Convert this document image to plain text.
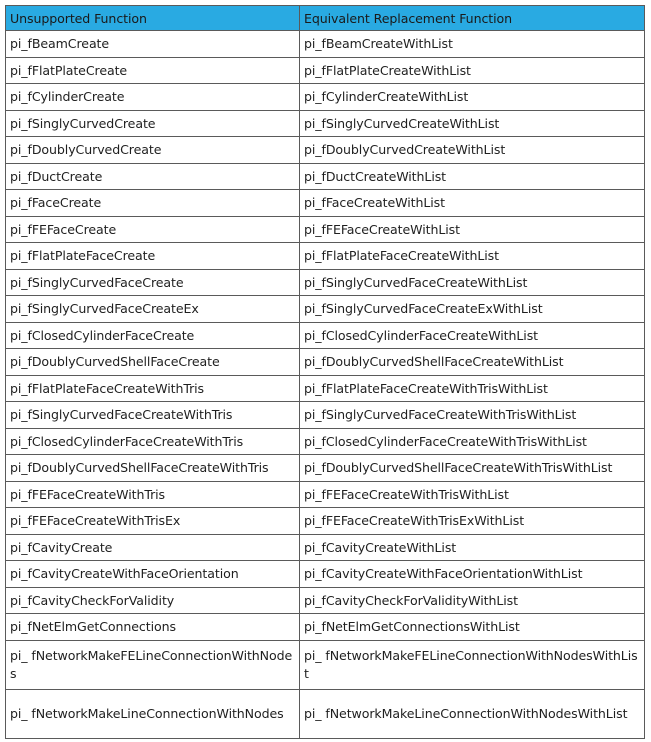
Unsupported Function	Equivalent Replacement Function
pi_fBeamCreate	pi_fBeamCreateWithList
pi_fFlatPlateCreate	pi_fFlatPlateCreateWithList
pi_fCylinderCreate	pi_fCylinderCreateWithList
pi_fSinglyCurvedCreate	pi_fSinglyCurvedCreateWithList
pi_fDoublyCurvedCreate	pi_fDoublyCurvedCreateWithList
pi_fDuctCreate	pi_fDuctCreateWithList
pi_fFaceCreate	pi_fFaceCreateWithList
pi_fFEFaceCreate	pi_fFEFaceCreateWithList
pi_fFlatPlateFaceCreate	pi_fFlatPlateFaceCreateWithList
pi_fSinglyCurvedFaceCreate	pi_fSinglyCurvedFaceCreateWithList
pi_fSinglyCurvedFaceCreateEx	pi_fSinglyCurvedFaceCreateExWithList
pi_fClosedCylinderFaceCreate	pi_fClosedCylinderFaceCreateWithList
pi_fDoublyCurvedShellFaceCreate	pi_fDoublyCurvedShellFaceCreateWithList
pi_fFlatPlateFaceCreateWithTris	pi_fFlatPlateFaceCreateWithTrisWithList
pi_fSinglyCurvedFaceCreateWithTris	pi_fSinglyCurvedFaceCreateWithTrisWithList
pi_fClosedCylinderFaceCreateWithTris	pi_fClosedCylinderFaceCreateWithTrisWithList
pi_fDoublyCurvedShellFaceCreateWithTris	pi_fDoublyCurvedShellFaceCreateWithTrisWithList
pi_fFEFaceCreateWithTris	pi_fFEFaceCreateWithTrisWithList
pi_fFEFaceCreateWithTrisEx	pi_fFEFaceCreateWithTrisExWithList
pi_fCavityCreate	pi_fCavityCreateWithList
pi_fCavityCreateWithFaceOrientation	pi_fCavityCreateWithFaceOrientationWithList
pi_fCavityCheckForValidity	pi_fCavityCheckForValidityWithList
pi_fNetElmGetConnections	pi_fNetElmGetConnectionsWithList
pi_ fNetworkMakeFELineConnectionWithNodes	pi_ fNetworkMakeFELineConnectionWithNodesWithList
pi_ fNetworkMakeLineConnectionWithNodes	pi_ fNetworkMakeLineConnectionWithNodesWithList
